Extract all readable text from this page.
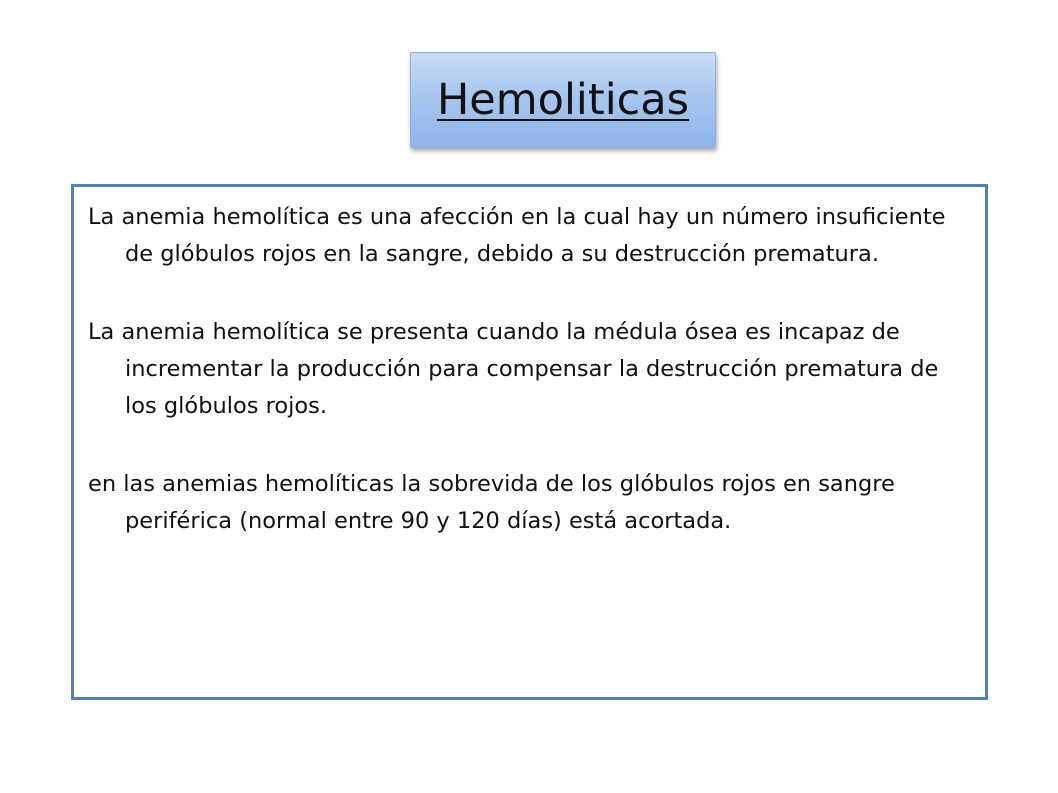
Hemoliticas

La anemia hemolítica es una afección en la cual hay un número insuficiente de glóbulos rojos en la sangre, debido a su destrucción prematura.

La anemia hemolítica se presenta cuando la médula ósea es incapaz de incrementar la producción para compensar la destrucción prematura de los glóbulos rojos.

en las anemias hemolíticas la sobrevida de los glóbulos rojos en sangre periférica (normal entre 90 y 120 días) está acortada.
